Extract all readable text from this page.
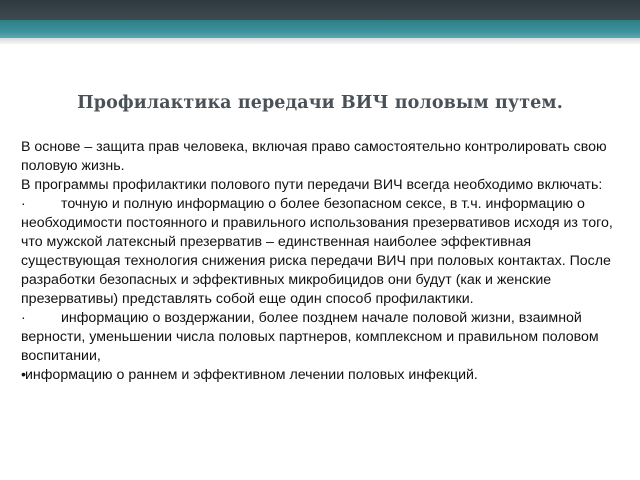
Профилактика передачи ВИЧ половым путем.

В основе – защита прав человека, включая право самостоятельно контролировать свою половую жизнь.

В программы профилактики полового пути передачи ВИЧ всегда необходимо включать:

· точную и полную информацию о более безопасном сексе, в т.ч. информацию о необходимости постоянного и правильного использования презервативов исходя из того, что мужской латексный презерватив – единственная наиболее эффективная существующая технология снижения риска передачи ВИЧ при половых контактах. После разработки безопасных и эффективных микробицидов они будут (как и женские презервативы) представлять собой еще один способ профилактики.

· информацию о воздержании, более позднем начале половой жизни, взаимной верности, уменьшении числа половых партнеров, комплексном и правильном половом воспитании,

•информацию о раннем и эффективном лечении половых инфекций.
